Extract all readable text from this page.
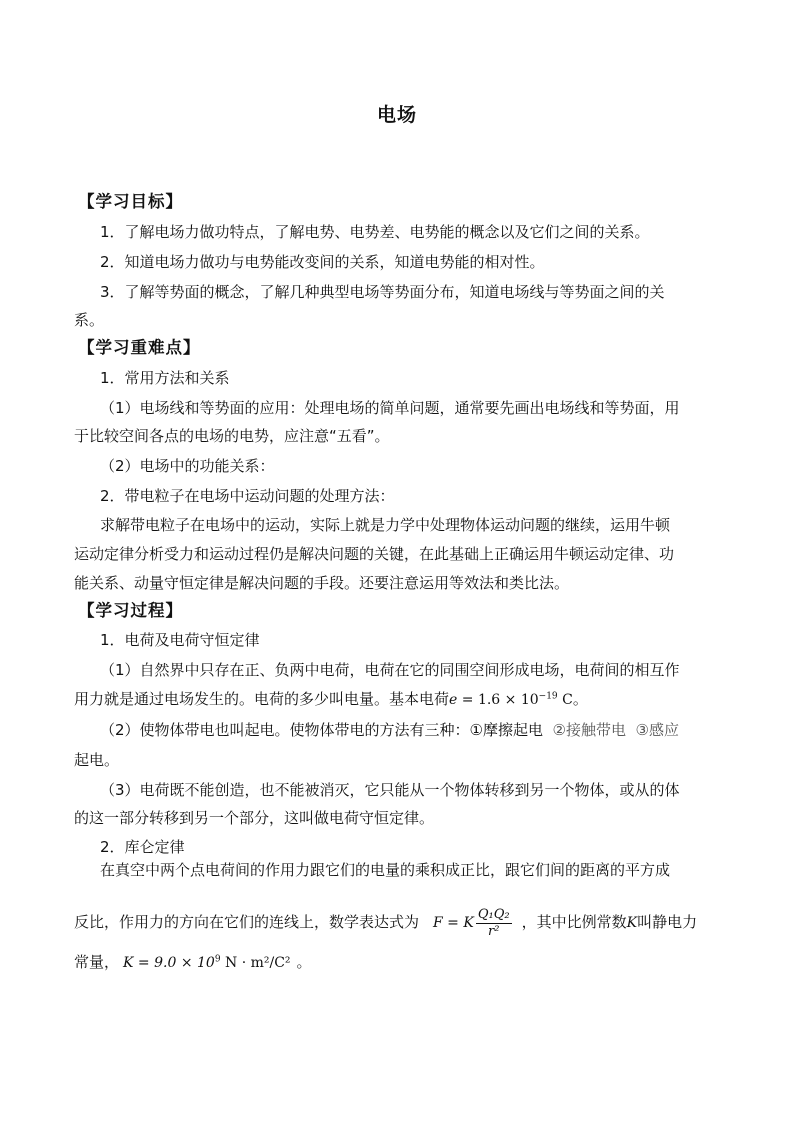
电场
【学习目标】
1．了解电场力做功特点，了解电势、电势差、电势能的概念以及它们之间的关系。
2．知道电场力做功与电势能改变间的关系，知道电势能的相对性。
3．了解等势面的概念，了解几种典型电场等势面分布，知道电场线与等势面之间的关
系。
【学习重难点】
1．常用方法和关系
（1）电场线和等势面的应用：处理电场的简单问题，通常要先画出电场线和等势面，用
于比较空间各点的电场的电势，应注意“五看”。
（2）电场中的功能关系：
2．带电粒子在电场中运动问题的处理方法：
求解带电粒子在电场中的运动，实际上就是力学中处理物体运动问题的继续，运用牛顿
运动定律分析受力和运动过程仍是解决问题的关键，在此基础上正确运用牛顿运动定律、功
能关系、动量守恒定律是解决问题的手段。还要注意运用等效法和类比法。
【学习过程】
1．电荷及电荷守恒定律
（1）自然界中只存在正、负两中电荷，电荷在它的同围空间形成电场，电荷间的相互作
用力就是通过电场发生的。电荷的多少叫电量。基本电荷$e = 1.6 \times 10^{-19}$ C。
（2）使物体带电也叫起电。使物体带电的方法有三种：①摩擦起电 ②接触带电 ③感应
起电。
（3）电荷既不能创造，也不能被消灭，它只能从一个物体转移到另一个物体，或从的体
的这一部分转移到另一个部分，这叫做电荷守恒定律。
2．库仑定律
在真空中两个点电荷间的作用力跟它们的电量的乘积成正比，跟它们间的距离的平方成
反比，作用力的方向在它们的连线上，数学表达式为 F = K $\frac{\text{Q₁Q₂}}{\text{r²}}$ ，其中比例常数K叫静电力
常量， $K = 9.0 \times 10^9$ N · m²/C² 。
